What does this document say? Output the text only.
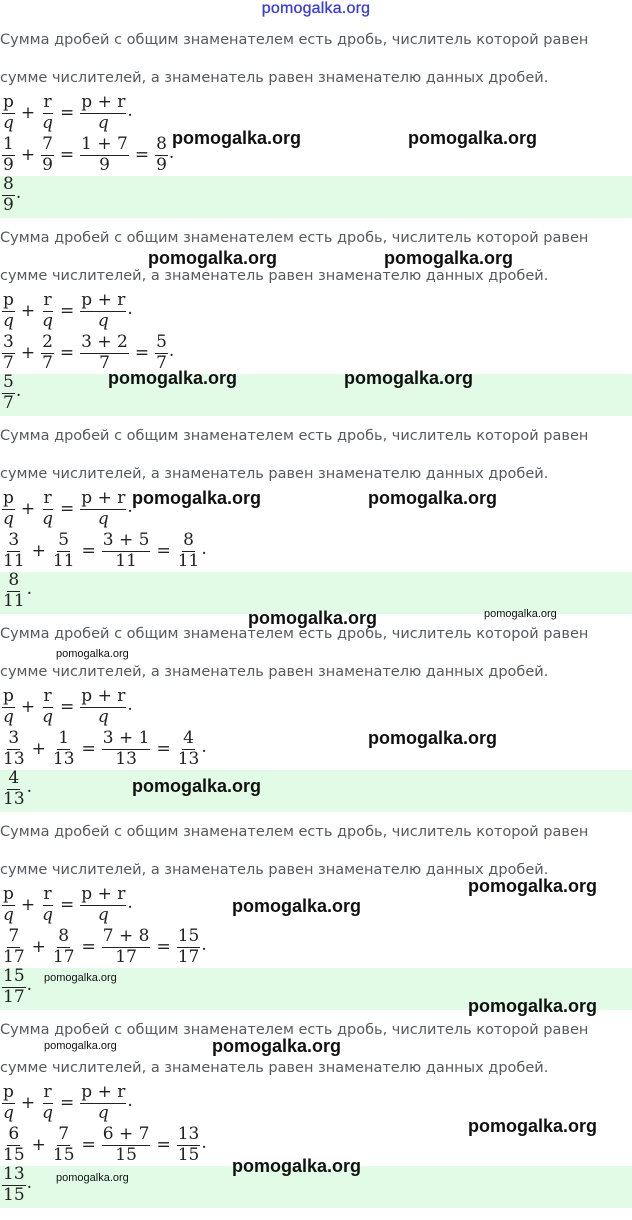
pomogalka.org
Сумма дробей с общим знаменателем есть дробь, числитель которой равен
сумме числителей, а знаменатель равен знаменателю данных дробей.
$\frac{p}{q} + \frac{r}{q} = \frac{p + r}{q}$ .
$\frac{1}{9} + \frac{7}{9} = \frac{1 + 7}{9} = \frac{8}{9}$ .
$\frac{8}{9}$ .
Сумма дробей с общим знаменателем есть дробь, числитель которой равен
сумме числителей, а знаменатель равен знаменателю данных дробей.
$\frac{p}{q} + \frac{r}{q} = \frac{p + r}{q}$ .
$\frac{3}{7} + \frac{2}{7} = \frac{3 + 2}{7} = \frac{5}{7}$ .
$\frac{5}{7}$ .
Сумма дробей с общим знаменателем есть дробь, числитель которой равен
сумме числителей, а знаменатель равен знаменателю данных дробей.
$\frac{p}{q} + \frac{r}{q} = \frac{p + r}{q}$ .
$\frac{3}{11} + \frac{5}{11} = \frac{3 + 5}{11} = \frac{8}{11}$ .
$\frac{8}{11}$ .
Сумма дробей с общим знаменателем есть дробь, числитель которой равен
сумме числителей, а знаменатель равен знаменателю данных дробей.
$\frac{p}{q} + \frac{r}{q} = \frac{p + r}{q}$ .
$\frac{3}{13} + \frac{1}{13} = \frac{3 + 1}{13} = \frac{4}{13}$ .
$\frac{4}{13}$ .
Сумма дробей с общим знаменателем есть дробь, числитель которой равен
сумме числителей, а знаменатель равен знаменателю данных дробей.
$\frac{p}{q} + \frac{r}{q} = \frac{p + r}{q}$ .
$\frac{7}{17} + \frac{8}{17} = \frac{7 + 8}{17} = \frac{15}{17}$ .
$\frac{15}{17}$ .
Сумма дробей с общим знаменателем есть дробь, числитель которой равен
сумме числителей, а знаменатель равен знаменателю данных дробей.
$\frac{p}{q} + \frac{r}{q} = \frac{p + r}{q}$ .
$\frac{6}{15} + \frac{7}{15} = \frac{6 + 7}{15} = \frac{13}{15}$ .
$\frac{13}{15}$ .
pomogalka.org	pomogalka.org
pomogalka.org	pomogalka.org
pomogalka.org	pomogalka.org
pomogalka.org	pomogalka.org
pomogalka.org	pomogalka.org
pomogalka.org
pomogalka.org
pomogalka.org
pomogalka.org
pomogalka.org
pomogalka.org
pomogalka.org
pomogalka.org	pomogalka.org
pomogalka.org
pomogalka.org
pomogalka.org
